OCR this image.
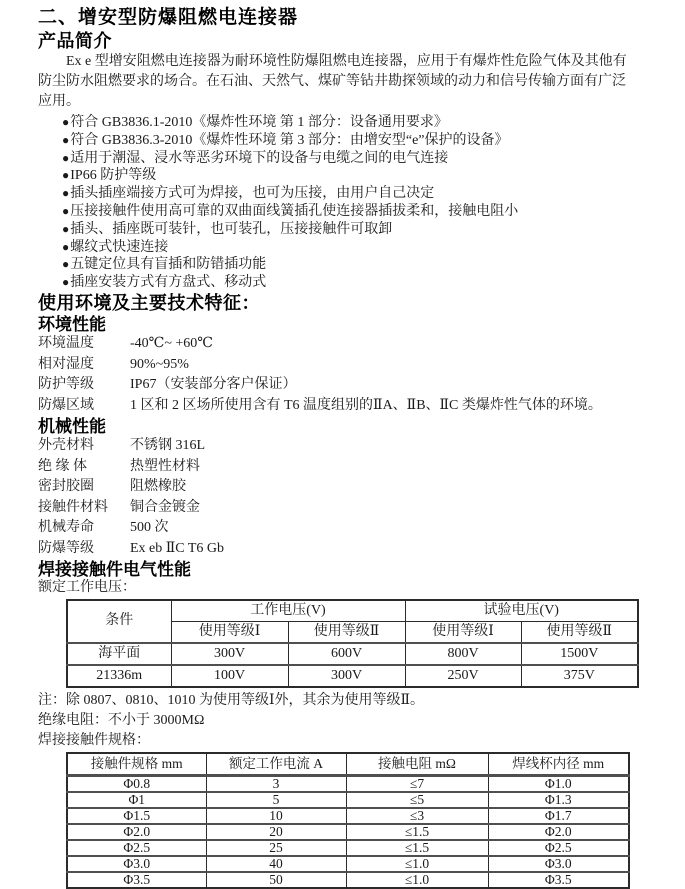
二、增安型防爆阻燃电连接器
产品简介

Ex e 型增安阻燃电连接器为耐环境性防爆阻燃电连接器，应用于有爆炸性危险气体及其他有防尘防水阻燃要求的场合。在石油、天然气、煤矿等钻井勘探领域的动力和信号传输方面有广泛应用。

● 符合 GB3836.1-2010《爆炸性环境 第 1 部分：设备通用要求》
● 符合 GB3836.3-2010《爆炸性环境 第 3 部分：由增安型“e”保护的设备》
● 适用于潮湿、浸水等恶劣环境下的设备与电缆之间的电气连接
● IP66 防护等级
● 插头插座端接方式可为焊接，也可为压接，由用户自己决定
● 压接接触件使用高可靠的双曲面线簧插孔使连接器插拔柔和，接触电阻小
● 插头、插座既可装针，也可装孔，压接接触件可取卸
● 螺纹式快速连接
● 五键定位具有盲插和防错插功能
● 插座安装方式有方盘式、移动式
使用环境及主要技术特征：
环境性能
环境温度	-40℃~ +60℃
相对湿度	90%~95%
防护等级	IP67（安装部分客户保证）
防爆区域	1 区和 2 区场所使用含有 T6 温度组别的ⅡA、ⅡB、ⅡC 类爆炸性气体的环境。
机械性能
外壳材料	不锈钢 316L
绝 缘 体	热塑性材料
密封胶圈	阻燃橡胶
接触件材料	铜合金镀金
机械寿命	500 次
防爆等级	Ex eb ⅡC T6 Gb
焊接接触件电气性能

额定工作电压：

条件	工作电压(V)		试验电压(V)	
	使用等级Ⅰ	使用等级Ⅱ	使用等级Ⅰ	使用等级Ⅱ
海平面	300V	600V	800V	1500V
21336m	100V	300V	250V	375V

注：除 0807、0810、1010 为使用等级Ⅰ外，其余为使用等级Ⅱ。

绝缘电阻：不小于 3000MΩ

焊接接触件规格：

接触件规格 mm	额定工作电流 A	接触电阻 mΩ	焊线杯内径 mm
Φ0.8	3	≤7	Φ1.0
Φ1	5	≤5	Φ1.3
Φ1.5	10	≤3	Φ1.7
Φ2.0	20	≤1.5	Φ2.0
Φ2.5	25	≤1.5	Φ2.5
Φ3.0	40	≤1.0	Φ3.0
Φ3.5	50	≤1.0	Φ3.5
